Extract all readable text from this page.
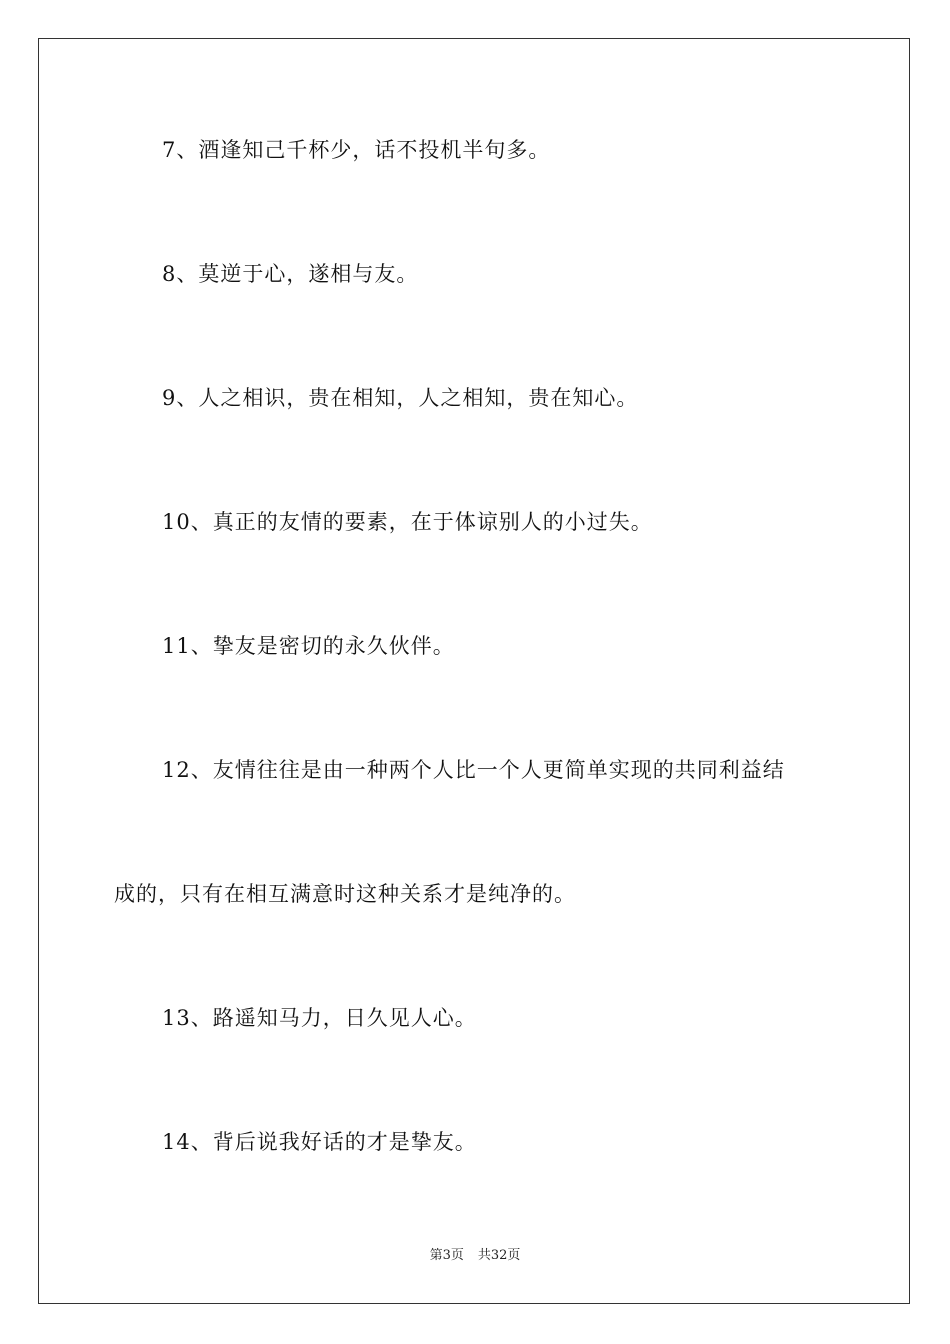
7、酒逢知己千杯少，话不投机半句多。
8、莫逆于心，遂相与友。
9、人之相识，贵在相知，人之相知，贵在知心。
10、真正的友情的要素，在于体谅别人的小过失。
11、挚友是密切的永久伙伴。
12、友情往往是由一种两个人比一个人更简单实现的共同利益结
成的，只有在相互满意时这种关系才是纯净的。
13、路遥知马力，日久见人心。
14、背后说我好话的才是挚友。
第3页 共32页
